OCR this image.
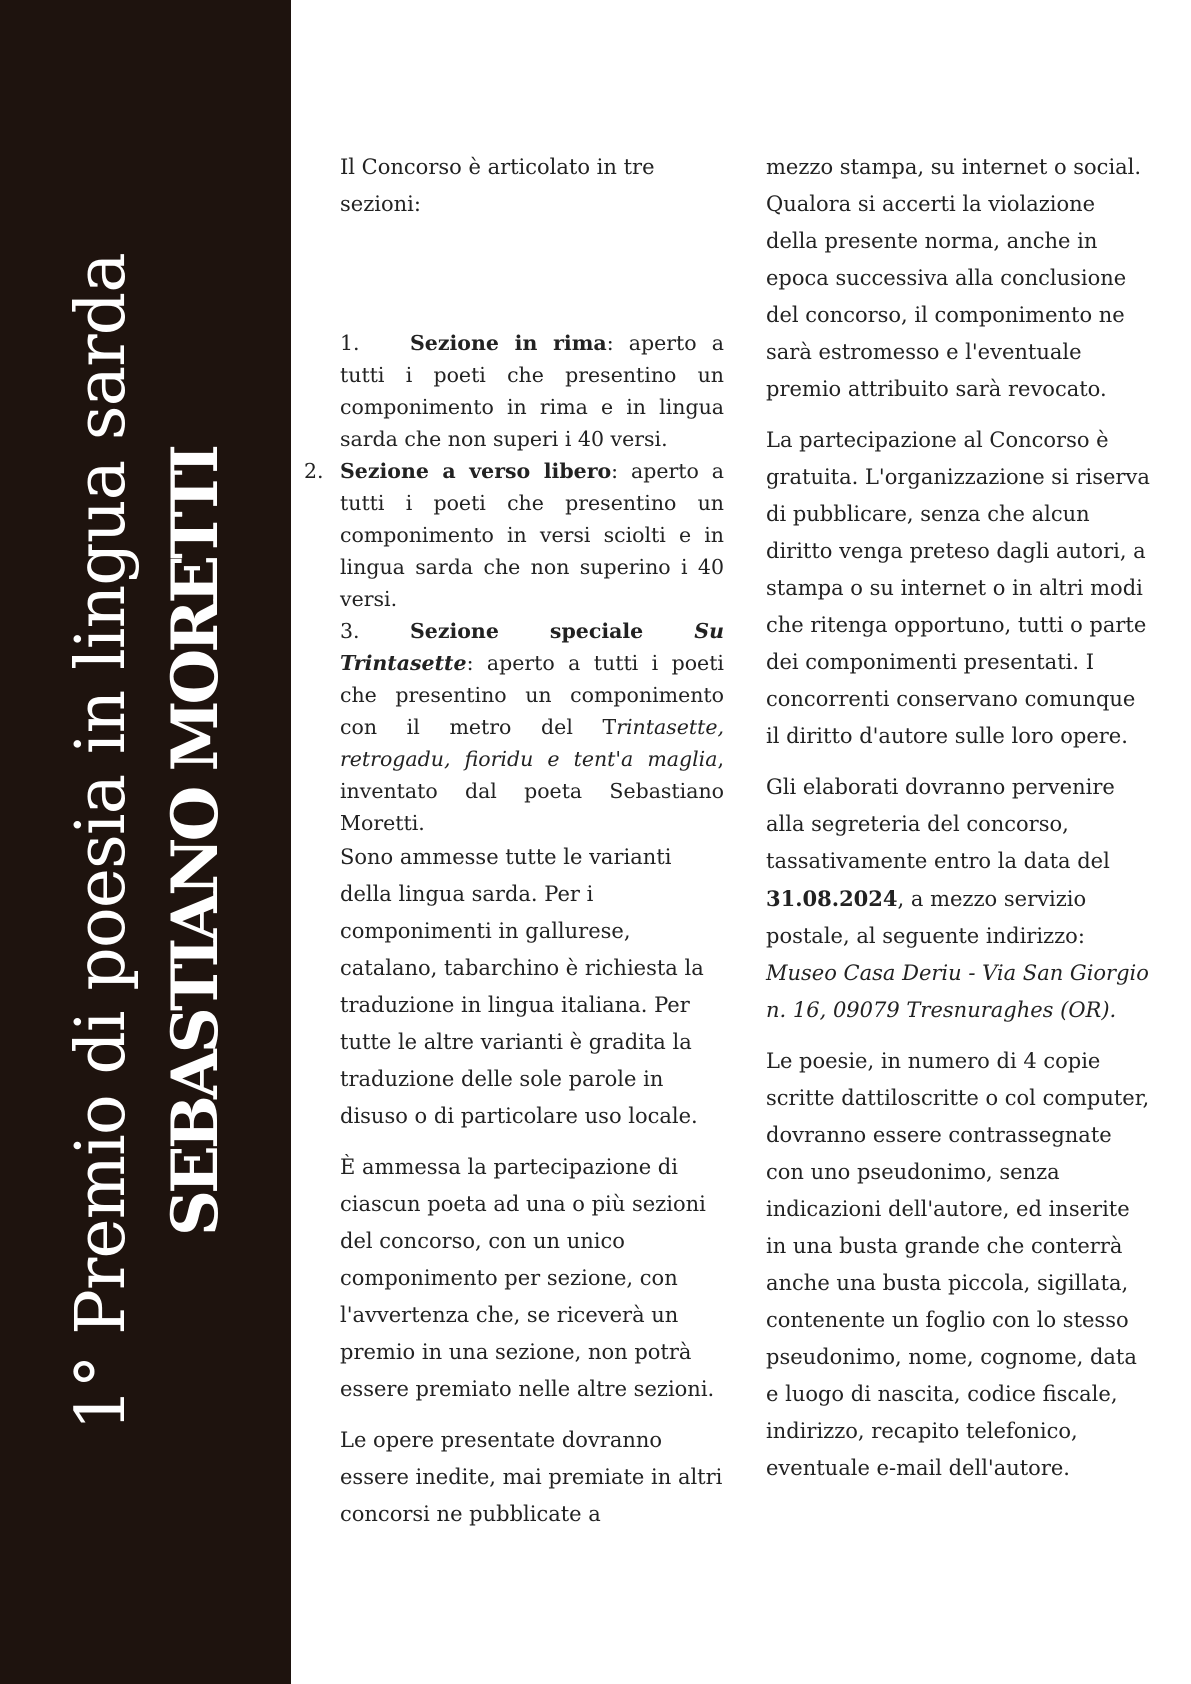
1° Premio di poesia in lingua sarda SEBASTIANO MORETTI

Il Concorso è articolato in tre sezioni:

1. Sezione in rima: aperto a tutti i poeti che presentino un componimento in rima e in lingua sarda che non superi i 40 versi.

2. Sezione a verso libero: aperto a tutti i poeti che presentino un componimento in versi sciolti e in lingua sarda che non superino i 40 versi.

3. Sezione speciale Su Trintasette: aperto a tutti i poeti che presentino un componimento con il metro del Trintasette, retrogadu, fioridu e tent'a maglia, inventato dal poeta Sebastiano Moretti.

Sono ammesse tutte le varianti della lingua sarda. Per i componimenti in gallurese, catalano, tabarchino è richiesta la traduzione in lingua italiana. Per tutte le altre varianti è gradita la traduzione delle sole parole in disuso o di particolare uso locale.

È ammessa la partecipazione di ciascun poeta ad una o più sezioni del concorso, con un unico componimento per sezione, con l'avvertenza che, se riceverà un premio in una sezione, non potrà essere premiato nelle altre sezioni.

Le opere presentate dovranno essere inedite, mai premiate in altri concorsi ne pubblicate a

mezzo stampa, su internet o social. Qualora si accerti la violazione della presente norma, anche in epoca successiva alla conclusione del concorso, il componimento ne sarà estromesso e l'eventuale premio attribuito sarà revocato.

La partecipazione al Concorso è gratuita. L'organizzazione si riserva di pubblicare, senza che alcun diritto venga preteso dagli autori, a stampa o su internet o in altri modi che ritenga opportuno, tutti o parte dei componimenti presentati. I concorrenti conservano comunque il diritto d'autore sulle loro opere.

Gli elaborati dovranno pervenire alla segreteria del concorso, tassativamente entro la data del 31.08.2024, a mezzo servizio postale, al seguente indirizzo: Museo Casa Deriu - Via San Giorgio n. 16, 09079 Tresnuraghes (OR).

Le poesie, in numero di 4 copie scritte dattiloscritte o col computer, dovranno essere contrassegnate con uno pseudonimo, senza indicazioni dell'autore, ed inserite in una busta grande che conterrà anche una busta piccola, sigillata, contenente un foglio con lo stesso pseudonimo, nome, cognome, data e luogo di nascita, codice fiscale, indirizzo, recapito telefonico, eventuale e-mail dell'autore.
